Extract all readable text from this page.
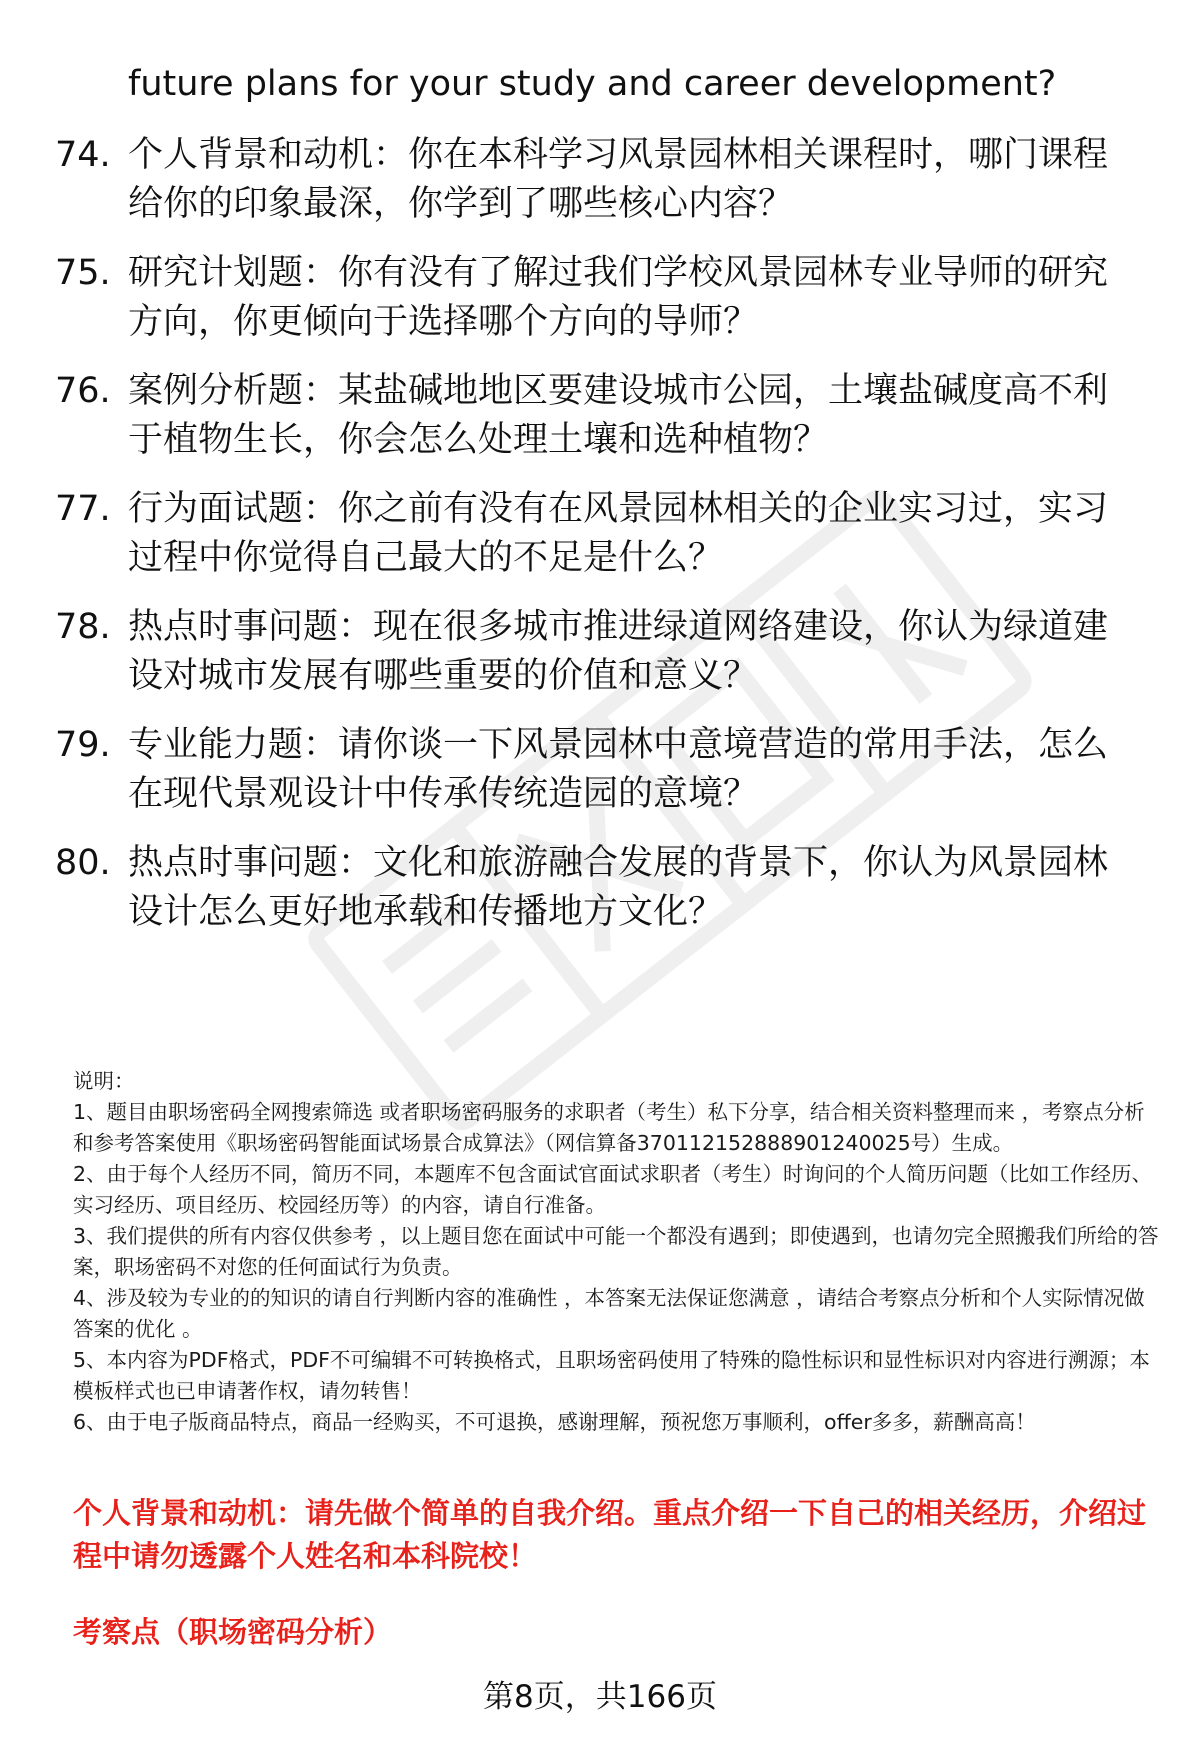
future plans for your study and career development?
74. 个人背景和动机：你在本科学习风景园林相关课程时，哪门课程给你的印象最深，你学到了哪些核心内容？
75. 研究计划题：你有没有了解过我们学校风景园林专业导师的研究方向，你更倾向于选择哪个方向的导师？
76. 案例分析题：某盐碱地地区要建设城市公园，土壤盐碱度高不利于植物生长，你会怎么处理土壤和选种植物？
77. 行为面试题：你之前有没有在风景园林相关的企业实习过，实习过程中你觉得自己最大的不足是什么？
78. 热点时事问题：现在很多城市推进绿道网络建设，你认为绿道建设对城市发展有哪些重要的价值和意义？
79. 专业能力题：请你谈一下风景园林中意境营造的常用手法，怎么在现代景观设计中传承传统造园的意境？
80. 热点时事问题：文化和旅游融合发展的背景下，你认为风景园林设计怎么更好地承载和传播地方文化？
说明：
1、题目由职场密码全网搜索筛选 或者职场密码服务的求职者（考生）私下分享，结合相关资料整理而来 ，考察点分析和参考答案使用《职场密码智能面试场景合成算法》（网信算备370112152888901240025号）生成。
2、由于每个人经历不同，简历不同，本题库不包含面试官面试求职者（考生）时询问的个人简历问题（比如工作经历、实习经历、项目经历、校园经历等）的内容，请自行准备。
3、我们提供的所有内容仅供参考 ，以上题目您在面试中可能一个都没有遇到；即使遇到，也请勿完全照搬我们所给的答案，职场密码不对您的任何面试行为负责。
4、涉及较为专业的的知识的请自行判断内容的准确性 ，本答案无法保证您满意 ，请结合考察点分析和个人实际情况做答案的优化 。
5、本内容为PDF格式，PDF不可编辑不可转换格式，且职场密码使用了特殊的隐性标识和显性标识对内容进行溯源；本模板样式也已申请著作权，请勿转售！
6、由于电子版商品特点，商品一经购买，不可退换，感谢理解，预祝您万事顺利，offer多多，薪酬高高！
个人背景和动机：请先做个简单的自我介绍。重点介绍一下自己的相关经历，介绍过程中请勿透露个人姓名和本科院校！
考察点（职场密码分析）
第8页，共166页
